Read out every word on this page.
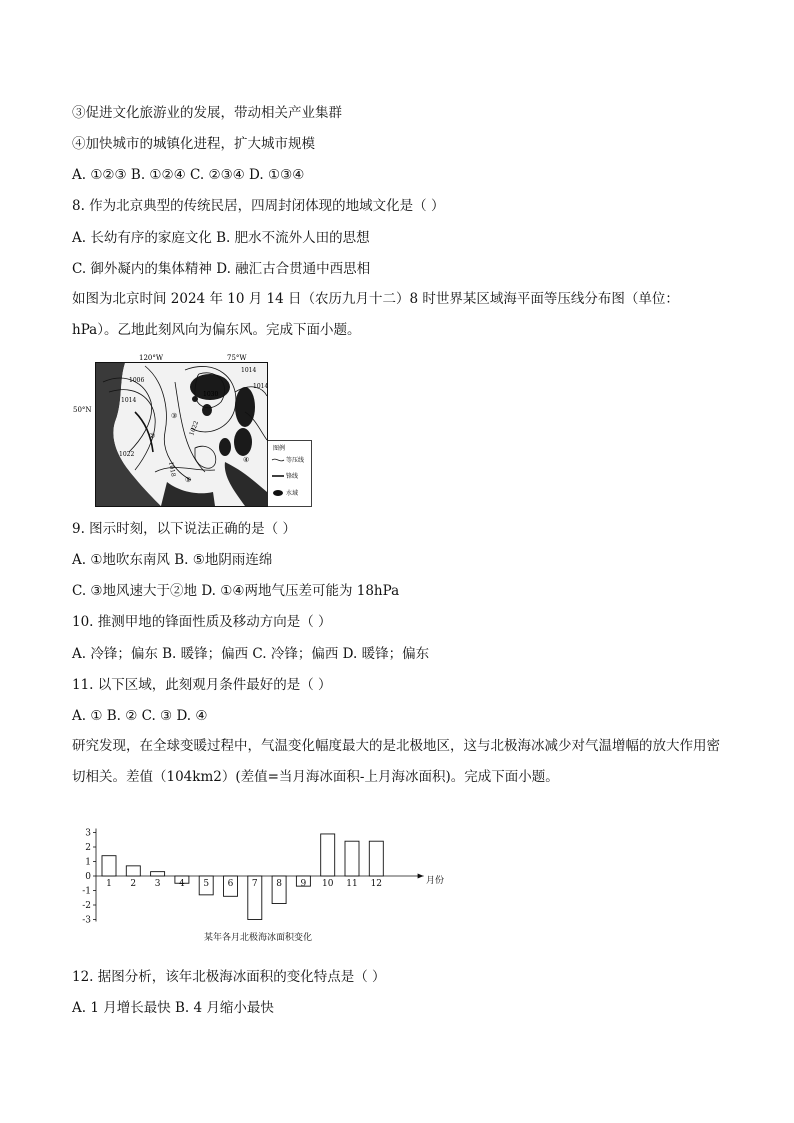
③促进文化旅游业的发展，带动相关产业集群
④加快城市的城镇化进程，扩大城市规模
A. ①②③ B. ①②④ C. ②③④ D. ①③④
8. 作为北京典型的传统民居，四周封闭体现的地域文化是（ ）
A. 长幼有序的家庭文化 B. 肥水不流外人田的思想
C. 御外凝内的集体精神 D. 融汇古合贯通中西思相
如图为北京时间 2024 年 10 月 14 日（农历九月十二）8 时世界某区域海平面等压线分布图（单位：hPa）。乙地此刻风向为偏东风。完成下面小题。
120°W	75°W
50°N
1006
1014
1030
1022
1014
1022
1018
1014
③
②
④
⑤
图例
等压线
锋线
水域
9. 图示时刻，以下说法正确的是（ ）
A. ①地吹东南风 B. ⑤地阴雨连绵
C. ③地风速大于②地 D. ①④两地气压差可能为 18hPa
10. 推测甲地的锋面性质及移动方向是（ ）
A. 冷锋；偏东 B. 暖锋；偏西 C. 冷锋；偏西 D. 暖锋；偏东
11. 以下区域，此刻观月条件最好的是（ ）
A. ① B. ② C. ③ D. ④
研究发现，在全球变暖过程中，气温变化幅度最大的是北极地区，这与北极海冰减少对气温增幅的放大作用密切相关。差值（104km2）(差值=当月海冰面积-上月海冰面积)。完成下面小题。
3
2
1
0
-1
-2
-3
1 2 3 4 5 6 7 8 9 10 11 12
某年各月北极海冰面积变化
月份
12. 据图分析，该年北极海冰面积的变化特点是（ ）
A. 1 月增长最快 B. 4 月缩小最快
